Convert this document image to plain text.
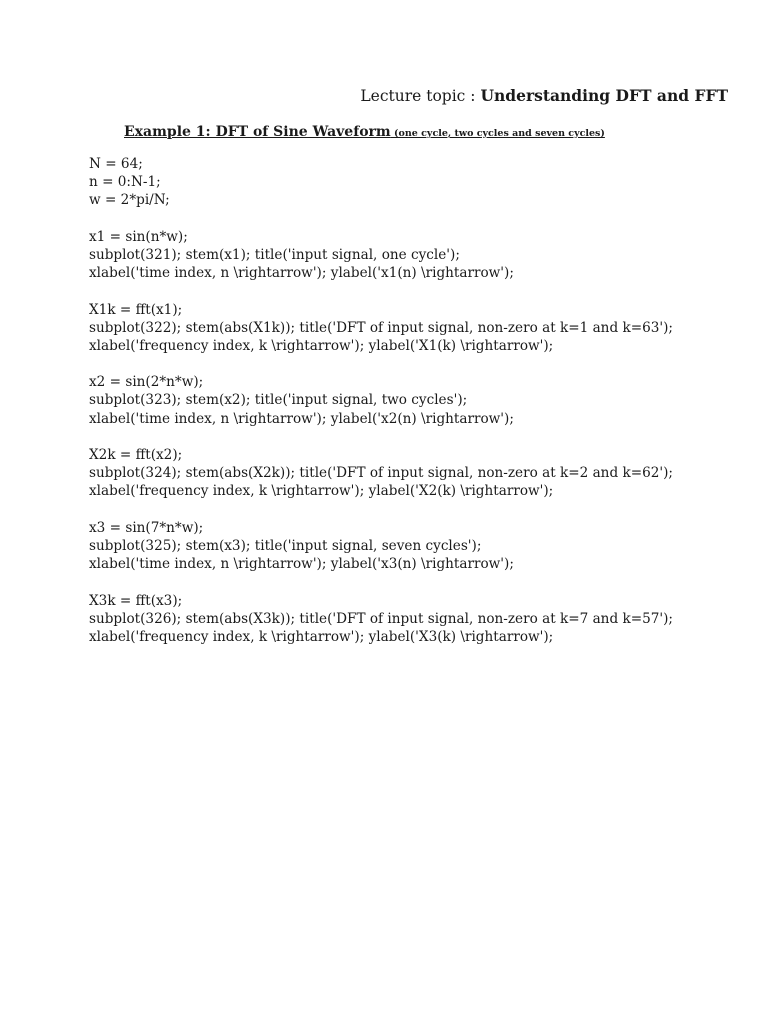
Lecture topic : Understanding DFT and FFT
Example 1: DFT of Sine Waveform (one cycle, two cycles and seven cycles)
N = 64;
n = 0:N-1;
w = 2*pi/N;
x1 = sin(n*w);
subplot(321); stem(x1); title('input signal, one cycle');
xlabel('time index, n \rightarrow'); ylabel('x1(n) \rightarrow');
X1k = fft(x1);
subplot(322); stem(abs(X1k)); title('DFT of input signal, non-zero at k=1 and k=63');
xlabel('frequency index, k \rightarrow'); ylabel('X1(k) \rightarrow');
x2 = sin(2*n*w);
subplot(323); stem(x2); title('input signal, two cycles');
xlabel('time index, n \rightarrow'); ylabel('x2(n) \rightarrow');
X2k = fft(x2);
subplot(324); stem(abs(X2k)); title('DFT of input signal, non-zero at k=2 and k=62');
xlabel('frequency index, k \rightarrow'); ylabel('X2(k) \rightarrow');
x3 = sin(7*n*w);
subplot(325); stem(x3); title('input signal, seven cycles');
xlabel('time index, n \rightarrow'); ylabel('x3(n) \rightarrow');
X3k = fft(x3);
subplot(326); stem(abs(X3k)); title('DFT of input signal, non-zero at k=7 and k=57');
xlabel('frequency index, k \rightarrow'); ylabel('X3(k) \rightarrow');
